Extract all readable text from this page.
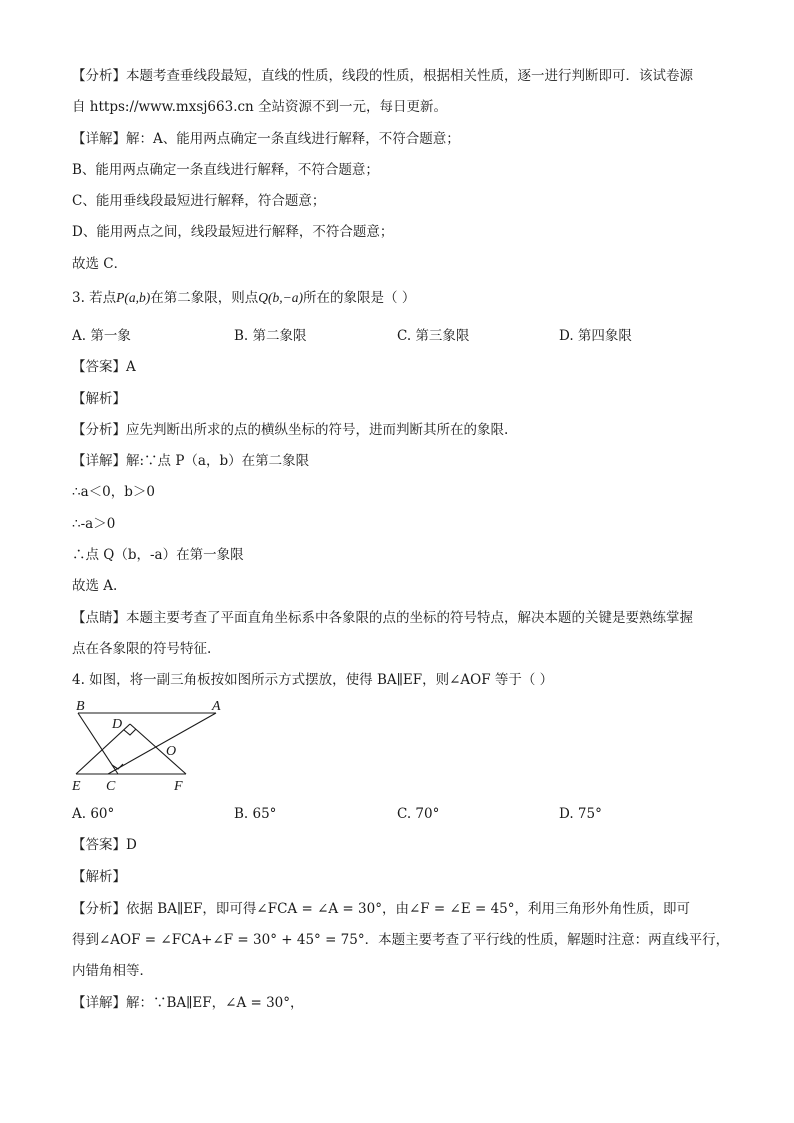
【分析】本题考查垂线段最短，直线的性质，线段的性质，根据相关性质，逐一进行判断即可．该试卷源
自 https://www.mxsj663.cn 全站资源不到一元，每日更新。
【详解】解：A、能用两点确定一条直线进行解释，不符合题意；
B、能用两点确定一条直线进行解释，不符合题意；
C、能用垂线段最短进行解释，符合题意；
D、能用两点之间，线段最短进行解释，不符合题意；
故选 C．
3. 若点P(a,b)在第二象限，则点Q(b,−a)所在的象限是（ ）
A. 第一象	B. 第二象限	C. 第三象限	D. 第四象限
【答案】A
【解析】
【分析】应先判断出所求的点的横纵坐标的符号，进而判断其所在的象限.
【详解】解:∵点 P（a，b）在第二象限
∴a＜0，b＞0
∴-a＞0
∴点 Q（b，-a）在第一象限
故选 A.
【点睛】本题主要考查了平面直角坐标系中各象限的点的坐标的符号特点，解决本题的关键是要熟练掌握
点在各象限的符号特征.
4. 如图，将一副三角板按如图所示方式摆放，使得 BA∥EF，则∠AOF 等于（ ）
B	A
D
O
E C	F
A. 60°	B. 65°	C. 70°	D. 75°
【答案】D
【解析】
【分析】依据 BA∥EF，即可得∠FCA = ∠A = 30°，由∠F = ∠E = 45°，利用三角形外角性质，即可
得到∠AOF = ∠FCA+∠F = 30° + 45° = 75°．本题主要考查了平行线的性质，解题时注意：两直线平行，
内错角相等．
【详解】解：∵BA∥EF，∠A = 30°，
